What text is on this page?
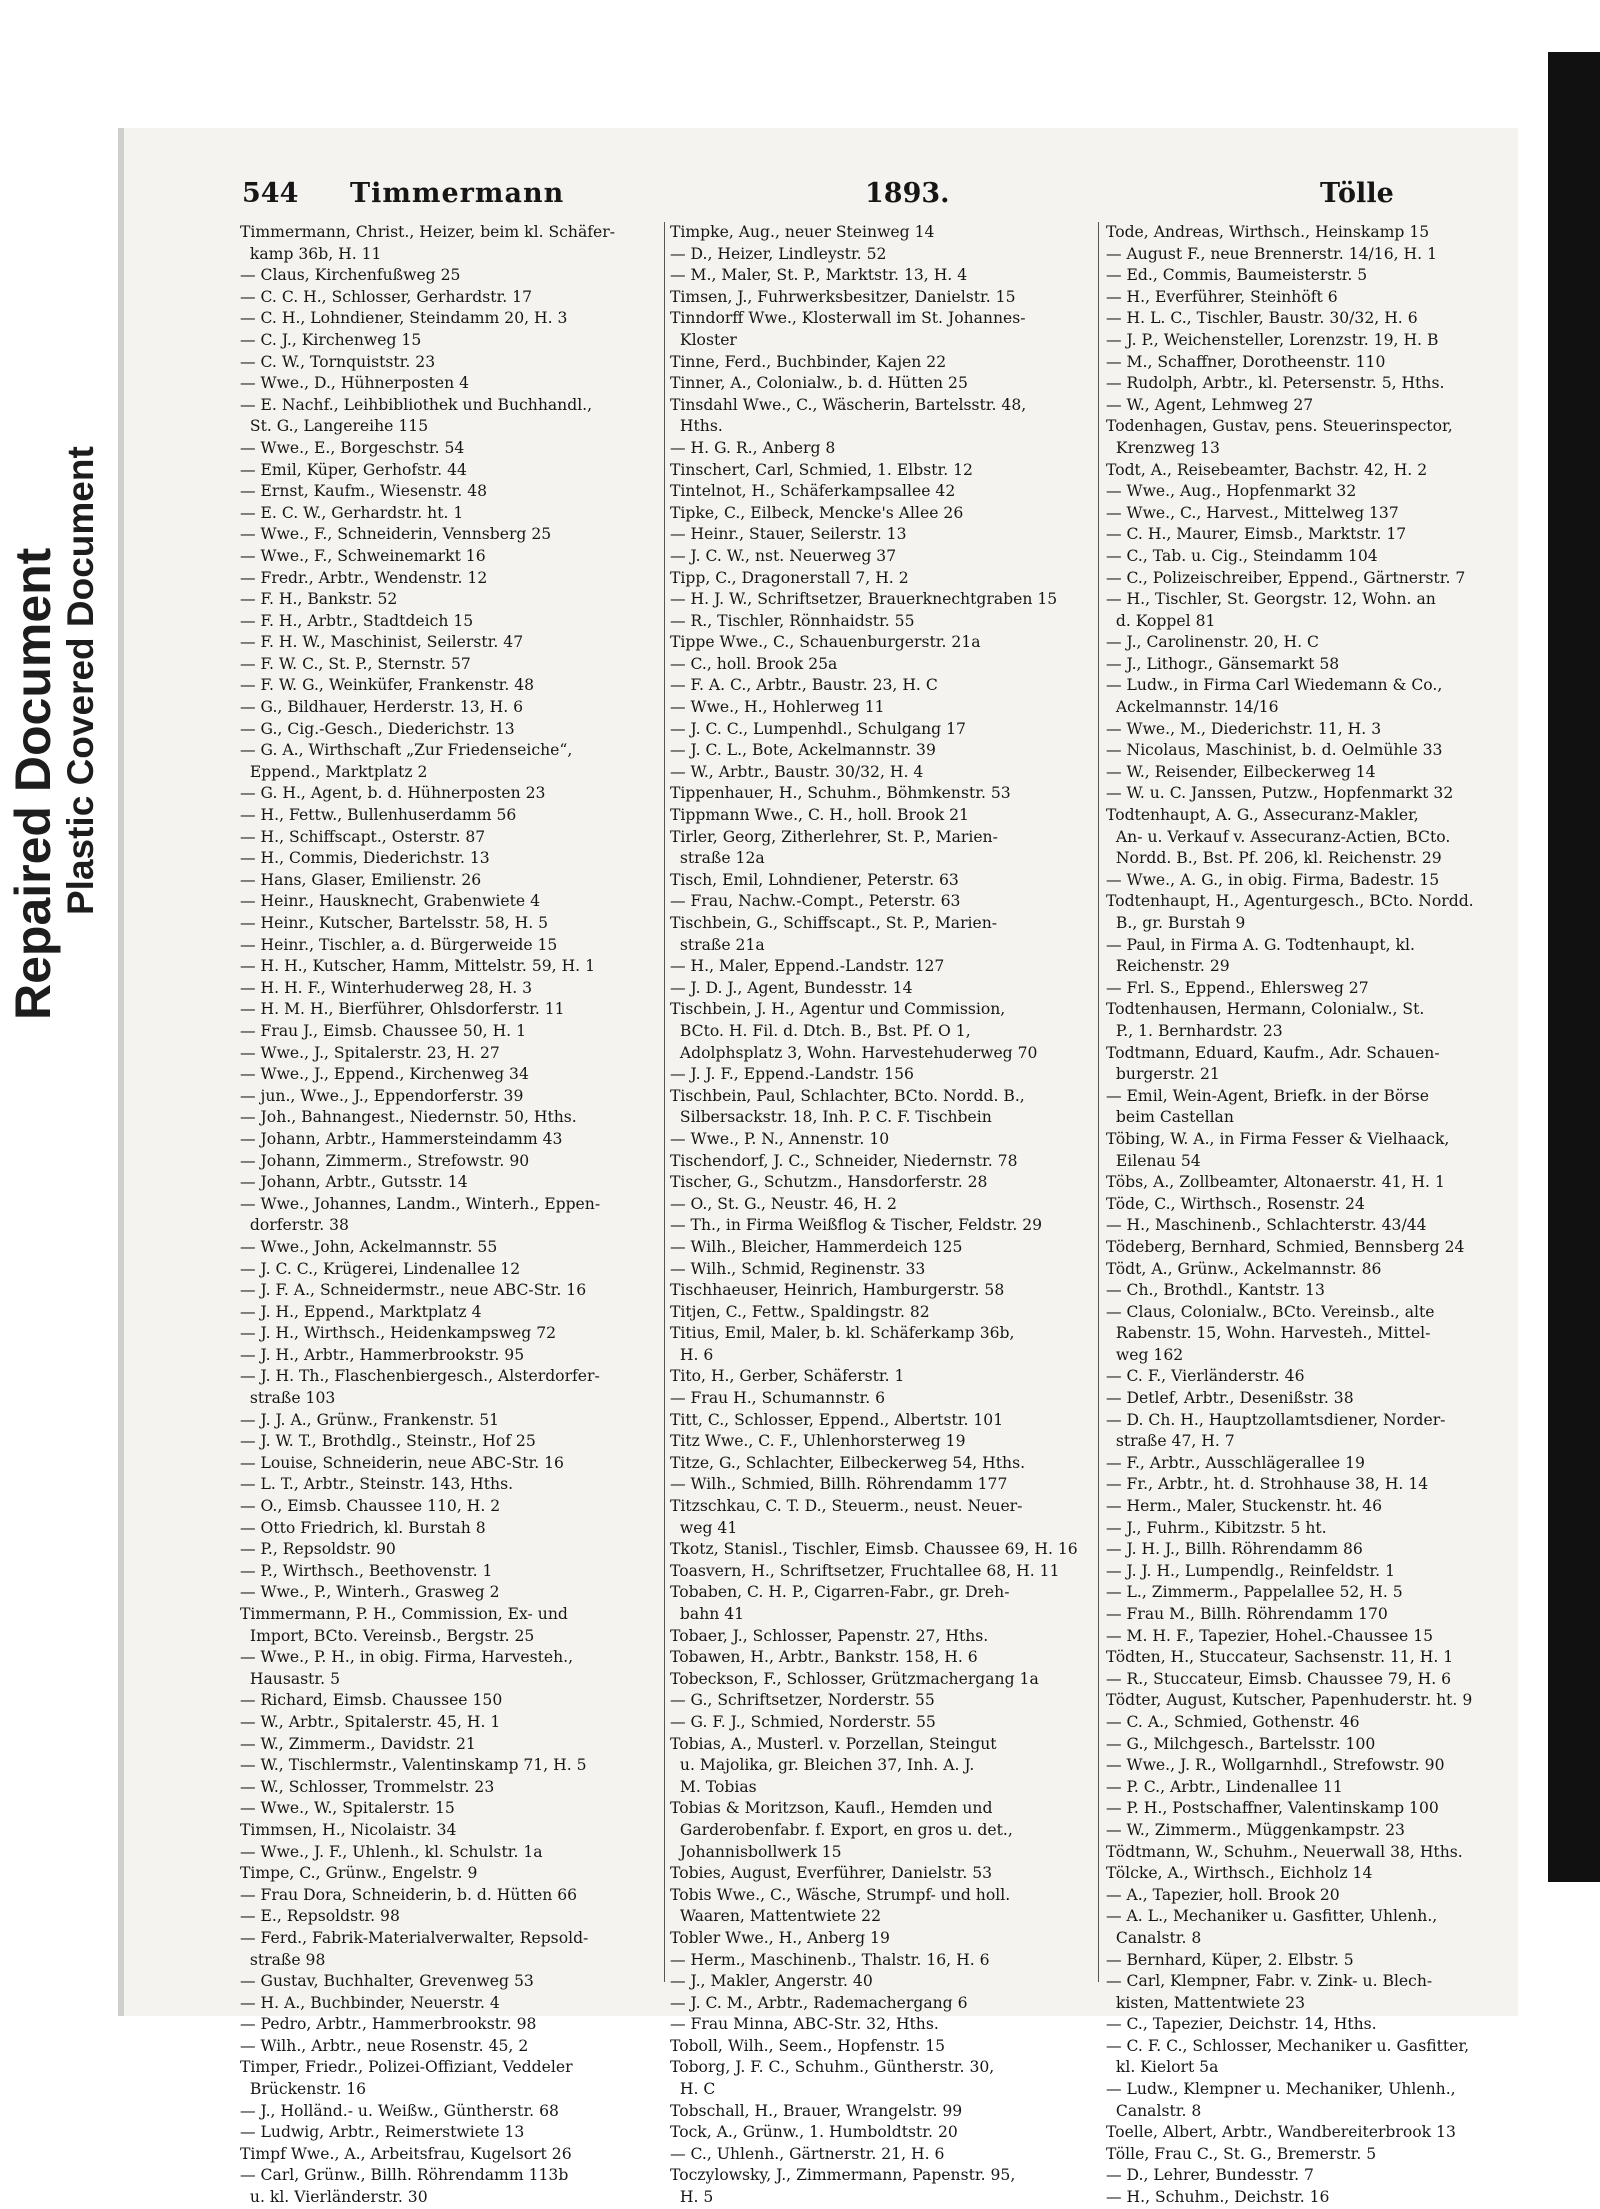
Repaired Document Plastic Covered Document
544 Timmermann	1893.	Tölle
Timmermann, Christ., Heizer, beim kl. Schäfer-
kamp 36b, H. 11
— Claus, Kirchenfußweg 25
— C. C. H., Schlosser, Gerhardstr. 17
— C. H., Lohndiener, Steindamm 20, H. 3
— C. J., Kirchenweg 15
— C. W., Tornquiststr. 23
— Wwe., D., Hühnerposten 4
— E. Nachf., Leihbibliothek und Buchhandl.,
St. G., Langereihe 115
— Wwe., E., Borgeschstr. 54
— Emil, Küper, Gerhofstr. 44
— Ernst, Kaufm., Wiesenstr. 48
— E. C. W., Gerhardstr. ht. 1
— Wwe., F., Schneiderin, Vennsberg 25
— Wwe., F., Schweinemarkt 16
— Fredr., Arbtr., Wendenstr. 12
— F. H., Bankstr. 52
— F. H., Arbtr., Stadtdeich 15
— F. H. W., Maschinist, Seilerstr. 47
— F. W. C., St. P., Sternstr. 57
— F. W. G., Weinküfer, Frankenstr. 48
— G., Bildhauer, Herderstr. 13, H. 6
— G., Cig.-Gesch., Diederichstr. 13
— G. A., Wirthschaft „Zur Friedenseiche“,
Eppend., Marktplatz 2
— G. H., Agent, b. d. Hühnerposten 23
— H., Fettw., Bullenhuserdamm 56
— H., Schiffscapt., Osterstr. 87
— H., Commis, Diederichstr. 13
— Hans, Glaser, Emilienstr. 26
— Heinr., Hausknecht, Grabenwiete 4
— Heinr., Kutscher, Bartelsstr. 58, H. 5
— Heinr., Tischler, a. d. Bürgerweide 15
— H. H., Kutscher, Hamm, Mittelstr. 59, H. 1
— H. H. F., Winterhuderweg 28, H. 3
— H. M. H., Bierführer, Ohlsdorferstr. 11
— Frau J., Eimsb. Chaussee 50, H. 1
— Wwe., J., Spitalerstr. 23, H. 27
— Wwe., J., Eppend., Kirchenweg 34
— jun., Wwe., J., Eppendorferstr. 39
— Joh., Bahnangest., Niedernstr. 50, Hths.
— Johann, Arbtr., Hammersteindamm 43
— Johann, Zimmerm., Strefowstr. 90
— Johann, Arbtr., Gutsstr. 14
— Wwe., Johannes, Landm., Winterh., Eppen-
dorferstr. 38
— Wwe., John, Ackelmannstr. 55
— J. C. C., Krügerei, Lindenallee 12
— J. F. A., Schneidermstr., neue ABC-Str. 16
— J. H., Eppend., Marktplatz 4
— J. H., Wirthsch., Heidenkampsweg 72
— J. H., Arbtr., Hammerbrookstr. 95
— J. H. Th., Flaschenbiergesch., Alsterdorfer-
straße 103
— J. J. A., Grünw., Frankenstr. 51
— J. W. T., Brothdlg., Steinstr., Hof 25
— Louise, Schneiderin, neue ABC-Str. 16
— L. T., Arbtr., Steinstr. 143, Hths.
— O., Eimsb. Chaussee 110, H. 2
— Otto Friedrich, kl. Burstah 8
— P., Repsoldstr. 90
— P., Wirthsch., Beethovenstr. 1
— Wwe., P., Winterh., Grasweg 2
Timmermann, P. H., Commission, Ex- und
Import, BCto. Vereinsb., Bergstr. 25
— Wwe., P. H., in obig. Firma, Harvesteh.,
Hausastr. 5
— Richard, Eimsb. Chaussee 150
— W., Arbtr., Spitalerstr. 45, H. 1
— W., Zimmerm., Davidstr. 21
— W., Tischlermstr., Valentinskamp 71, H. 5
— W., Schlosser, Trommelstr. 23
— Wwe., W., Spitalerstr. 15
Timmsen, H., Nicolaistr. 34
— Wwe., J. F., Uhlenh., kl. Schulstr. 1a
Timpe, C., Grünw., Engelstr. 9
— Frau Dora, Schneiderin, b. d. Hütten 66
— E., Repsoldstr. 98
— Ferd., Fabrik-Materialverwalter, Repsold-
straße 98
— Gustav, Buchhalter, Grevenweg 53
— H. A., Buchbinder, Neuerstr. 4
— Pedro, Arbtr., Hammerbrookstr. 98
— Wilh., Arbtr., neue Rosenstr. 45, 2
Timper, Friedr., Polizei-Offiziant, Veddeler
Brückenstr. 16
— J., Holländ.- u. Weißw., Güntherstr. 68
— Ludwig, Arbtr., Reimerstwiete 13
Timpf Wwe., A., Arbeitsfrau, Kugelsort 26
— Carl, Grünw., Billh. Röhrendamm 113b
u. kl. Vierländerstr. 30
Timpke, Aug., neuer Steinweg 14
— D., Heizer, Lindleystr. 52
— M., Maler, St. P., Marktstr. 13, H. 4
Timsen, J., Fuhrwerksbesitzer, Danielstr. 15
Tinndorff Wwe., Klosterwall im St. Johannes-
Kloster
Tinne, Ferd., Buchbinder, Kajen 22
Tinner, A., Colonialw., b. d. Hütten 25
Tinsdahl Wwe., C., Wäscherin, Bartelsstr. 48,
Hths.
— H. G. R., Anberg 8
Tinschert, Carl, Schmied, 1. Elbstr. 12
Tintelnot, H., Schäferkampsallee 42
Tipke, C., Eilbeck, Mencke's Allee 26
— Heinr., Stauer, Seilerstr. 13
— J. C. W., nst. Neuerweg 37
Tipp, C., Dragonerstall 7, H. 2
— H. J. W., Schriftsetzer, Brauerknechtgraben 15
— R., Tischler, Rönnhaidstr. 55
Tippe Wwe., C., Schauenburgerstr. 21a
— C., holl. Brook 25a
— F. A. C., Arbtr., Baustr. 23, H. C
— Wwe., H., Hohlerweg 11
— J. C. C., Lumpenhdl., Schulgang 17
— J. C. L., Bote, Ackelmannstr. 39
— W., Arbtr., Baustr. 30/32, H. 4
Tippenhauer, H., Schuhm., Böhmkenstr. 53
Tippmann Wwe., C. H., holl. Brook 21
Tirler, Georg, Zitherlehrer, St. P., Marien-
straße 12a
Tisch, Emil, Lohndiener, Peterstr. 63
— Frau, Nachw.-Compt., Peterstr. 63
Tischbein, G., Schiffscapt., St. P., Marien-
straße 21a
— H., Maler, Eppend.-Landstr. 127
— J. D. J., Agent, Bundesstr. 14
Tischbein, J. H., Agentur und Commission,
BCto. H. Fil. d. Dtch. B., Bst. Pf. O 1,
Adolphsplatz 3, Wohn. Harvestehuderweg 70
— J. J. F., Eppend.-Landstr. 156
Tischbein, Paul, Schlachter, BCto. Nordd. B.,
Silbersackstr. 18, Inh. P. C. F. Tischbein
— Wwe., P. N., Annenstr. 10
Tischendorf, J. C., Schneider, Niedernstr. 78
Tischer, G., Schutzm., Hansdorferstr. 28
— O., St. G., Neustr. 46, H. 2
— Th., in Firma Weißflog & Tischer, Feldstr. 29
— Wilh., Bleicher, Hammerdeich 125
— Wilh., Schmid, Reginenstr. 33
Tischhaeuser, Heinrich, Hamburgerstr. 58
Titjen, C., Fettw., Spaldingstr. 82
Titius, Emil, Maler, b. kl. Schäferkamp 36b,
H. 6
Tito, H., Gerber, Schäferstr. 1
— Frau H., Schumannstr. 6
Titt, C., Schlosser, Eppend., Albertstr. 101
Titz Wwe., C. F., Uhlenhorsterweg 19
Titze, G., Schlachter, Eilbeckerweg 54, Hths.
— Wilh., Schmied, Billh. Röhrendamm 177
Titzschkau, C. T. D., Steuerm., neust. Neuer-
weg 41
Tkotz, Stanisl., Tischler, Eimsb. Chaussee 69, H. 16
Toasvern, H., Schriftsetzer, Fruchtallee 68, H. 11
Tobaben, C. H. P., Cigarren-Fabr., gr. Dreh-
bahn 41
Tobaer, J., Schlosser, Papenstr. 27, Hths.
Tobawen, H., Arbtr., Bankstr. 158, H. 6
Tobeckson, F., Schlosser, Grützmachergang 1a
— G., Schriftsetzer, Norderstr. 55
— G. F. J., Schmied, Norderstr. 55
Tobias, A., Musterl. v. Porzellan, Steingut
u. Majolika, gr. Bleichen 37, Inh. A. J.
M. Tobias
Tobias & Moritzson, Kaufl., Hemden und
Garderobenfabr. f. Export, en gros u. det.,
Johannisbollwerk 15
Tobies, August, Everführer, Danielstr. 53
Tobis Wwe., C., Wäsche, Strumpf- und holl.
Waaren, Mattentwiete 22
Tobler Wwe., H., Anberg 19
— Herm., Maschinenb., Thalstr. 16, H. 6
— J., Makler, Angerstr. 40
— J. C. M., Arbtr., Rademachergang 6
— Frau Minna, ABC-Str. 32, Hths.
Toboll, Wilh., Seem., Hopfenstr. 15
Toborg, J. F. C., Schuhm., Güntherstr. 30,
H. C
Tobschall, H., Brauer, Wrangelstr. 99
Tock, A., Grünw., 1. Humboldtstr. 20
— C., Uhlenh., Gärtnerstr. 21, H. 6
Toczylowsky, J., Zimmermann, Papenstr. 95,
H. 5
Tode, Andreas, Wirthsch., Heinskamp 15
— August F., neue Brennerstr. 14/16, H. 1
— Ed., Commis, Baumeisterstr. 5
— H., Everführer, Steinhöft 6
— H. L. C., Tischler, Baustr. 30/32, H. 6
— J. P., Weichensteller, Lorenzstr. 19, H. B
— M., Schaffner, Dorotheenstr. 110
— Rudolph, Arbtr., kl. Petersenstr. 5, Hths.
— W., Agent, Lehmweg 27
Todenhagen, Gustav, pens. Steuerinspector,
Krenzweg 13
Todt, A., Reisebeamter, Bachstr. 42, H. 2
— Wwe., Aug., Hopfenmarkt 32
— Wwe., C., Harvest., Mittelweg 137
— C. H., Maurer, Eimsb., Marktstr. 17
— C., Tab. u. Cig., Steindamm 104
— C., Polizeischreiber, Eppend., Gärtnerstr. 7
— H., Tischler, St. Georgstr. 12, Wohn. an
d. Koppel 81
— J., Carolinenstr. 20, H. C
— J., Lithogr., Gänsemarkt 58
— Ludw., in Firma Carl Wiedemann & Co.,
Ackelmannstr. 14/16
— Wwe., M., Diederichstr. 11, H. 3
— Nicolaus, Maschinist, b. d. Oelmühle 33
— W., Reisender, Eilbeckerweg 14
— W. u. C. Janssen, Putzw., Hopfenmarkt 32
Todtenhaupt, A. G., Assecuranz-Makler,
An- u. Verkauf v. Assecuranz-Actien, BCto.
Nordd. B., Bst. Pf. 206, kl. Reichenstr. 29
— Wwe., A. G., in obig. Firma, Badestr. 15
Todtenhaupt, H., Agenturgesch., BCto. Nordd.
B., gr. Burstah 9
— Paul, in Firma A. G. Todtenhaupt, kl.
Reichenstr. 29
— Frl. S., Eppend., Ehlersweg 27
Todtenhausen, Hermann, Colonialw., St.
P., 1. Bernhardstr. 23
Todtmann, Eduard, Kaufm., Adr. Schauen-
burgerstr. 21
— Emil, Wein-Agent, Briefk. in der Börse
beim Castellan
Töbing, W. A., in Firma Fesser & Vielhaack,
Eilenau 54
Töbs, A., Zollbeamter, Altonaerstr. 41, H. 1
Töde, C., Wirthsch., Rosenstr. 24
— H., Maschinenb., Schlachterstr. 43/44
Tödeberg, Bernhard, Schmied, Bennsberg 24
Tödt, A., Grünw., Ackelmannstr. 86
— Ch., Brothdl., Kantstr. 13
— Claus, Colonialw., BCto. Vereinsb., alte
Rabenstr. 15, Wohn. Harvesteh., Mittel-
weg 162
— C. F., Vierländerstr. 46
— Detlef, Arbtr., Desenißstr. 38
— D. Ch. H., Hauptzollamtsdiener, Norder-
straße 47, H. 7
— F., Arbtr., Ausschlägerallee 19
— Fr., Arbtr., ht. d. Strohhause 38, H. 14
— Herm., Maler, Stuckenstr. ht. 46
— J., Fuhrm., Kibitzstr. 5 ht.
— J. H. J., Billh. Röhrendamm 86
— J. J. H., Lumpendlg., Reinfeldstr. 1
— L., Zimmerm., Pappelallee 52, H. 5
— Frau M., Billh. Röhrendamm 170
— M. H. F., Tapezier, Hohel.-Chaussee 15
Tödten, H., Stuccateur, Sachsenstr. 11, H. 1
— R., Stuccateur, Eimsb. Chaussee 79, H. 6
Tödter, August, Kutscher, Papenhuderstr. ht. 9
— C. A., Schmied, Gothenstr. 46
— G., Milchgesch., Bartelsstr. 100
— Wwe., J. R., Wollgarnhdl., Strefowstr. 90
— P. C., Arbtr., Lindenallee 11
— P. H., Postschaffner, Valentinskamp 100
— W., Zimmerm., Müggenkampstr. 23
Tödtmann, W., Schuhm., Neuerwall 38, Hths.
Tölcke, A., Wirthsch., Eichholz 14
— A., Tapezier, holl. Brook 20
— A. L., Mechaniker u. Gasfitter, Uhlenh.,
Canalstr. 8
— Bernhard, Küper, 2. Elbstr. 5
— Carl, Klempner, Fabr. v. Zink- u. Blech-
kisten, Mattentwiete 23
— C., Tapezier, Deichstr. 14, Hths.
— C. F. C., Schlosser, Mechaniker u. Gasfitter,
kl. Kielort 5a
— Ludw., Klempner u. Mechaniker, Uhlenh.,
Canalstr. 8
Toelle, Albert, Arbtr., Wandbereiterbrook 13
Tölle, Frau C., St. G., Bremerstr. 5
— D., Lehrer, Bundesstr. 7
— H., Schuhm., Deichstr. 16
